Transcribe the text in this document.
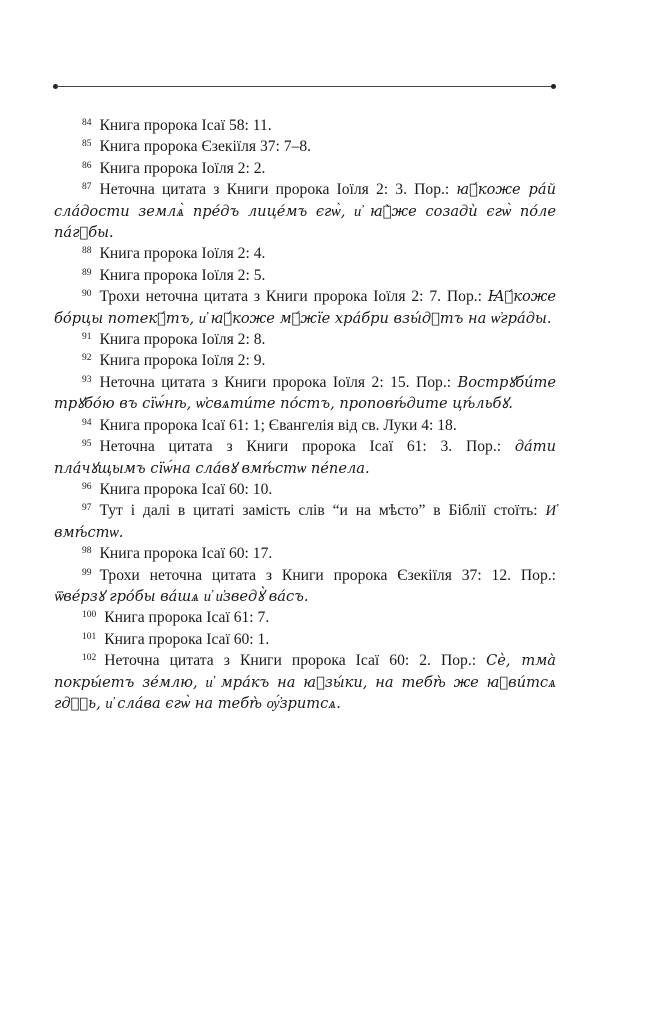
$^{84}$ Книга пророка Ісаї 58: 11.
$^{85}$ Книга пророка Єзекіїля 37: 7–8.
$^{86}$ Книга пророка Іоїля 2: 2.
$^{87}$ Неточна цитата з Книги пророка Іоїля 2: 3. Пор.: ꙗ҆́коже ра́й сла́дости землѧ̀ пре́дъ лице́мъ єгѡ̀, и҆ ꙗ҆̀же созадѝ єгѡ̀ по́ле па́гꙋбы.
$^{88}$ Книга пророка Іоїля 2: 4.
$^{89}$ Книга пророка Іоїля 2: 5.
$^{90}$ Трохи неточна цитата з Книги пророка Іоїля 2: 7. Пор.: Ꙗ҆́коже бо́рцы потекꙋ́тъ, и҆ ꙗ҆́коже мꙋ́жїе хра́бри взы́дꙋтъ на ѡ҆гра́ды.
$^{91}$ Книга пророка Іоїля 2: 8.
$^{92}$ Книга пророка Іоїля 2: 9.
$^{93}$ Неточна цитата з Книги пророка Іоїля 2: 15. Пор.: Вострꙋби́те трꙋбо́ю въ сїѡ́нѣ, ѡ҆свѧти́те по́стъ, проповѣ́дите цѣ́льбꙋ.
$^{94}$ Книга пророка Ісаї 61: 1; Євангелія від св. Луки 4: 18.
$^{95}$ Неточна цитата з Книги пророка Ісаї 61: 3. Пор.: да́ти пла́чꙋщымъ сїѡ́на сла́вꙋ вмѣ́стѡ пе́пела.
$^{96}$ Книга пророка Ісаї 60: 10.
$^{97}$ Тут і далі в цитаті замість слів “и на мѣсто” в Біблії стоїть: И҆ вмѣ́стѡ.
$^{98}$ Книга пророка Ісаї 60: 17.
$^{99}$ Трохи неточна цитата з Книги пророка Єзекіїля 37: 12. Пор.: ѿве́рзꙋ гро́бы ва́шѧ и҆ и҆зведꙋ̀ ва́съ.
$^{100}$ Книга пророка Ісаї 61: 7.
$^{101}$ Книга пророка Ісаї 60: 1.
$^{102}$ Неточна цитата з Книги пророка Ісаї 60: 2. Пор.: Сѐ, тма̀ покры́етъ зе́млю, и҆ мра́къ на ꙗ҆зы́ки, на тебѣ̀ же ꙗ҆ви́тсѧ гдⷭ҇ь, и҆ сла́ва єгѡ̀ на тебѣ̀ ѹ҆́зритсѧ.
